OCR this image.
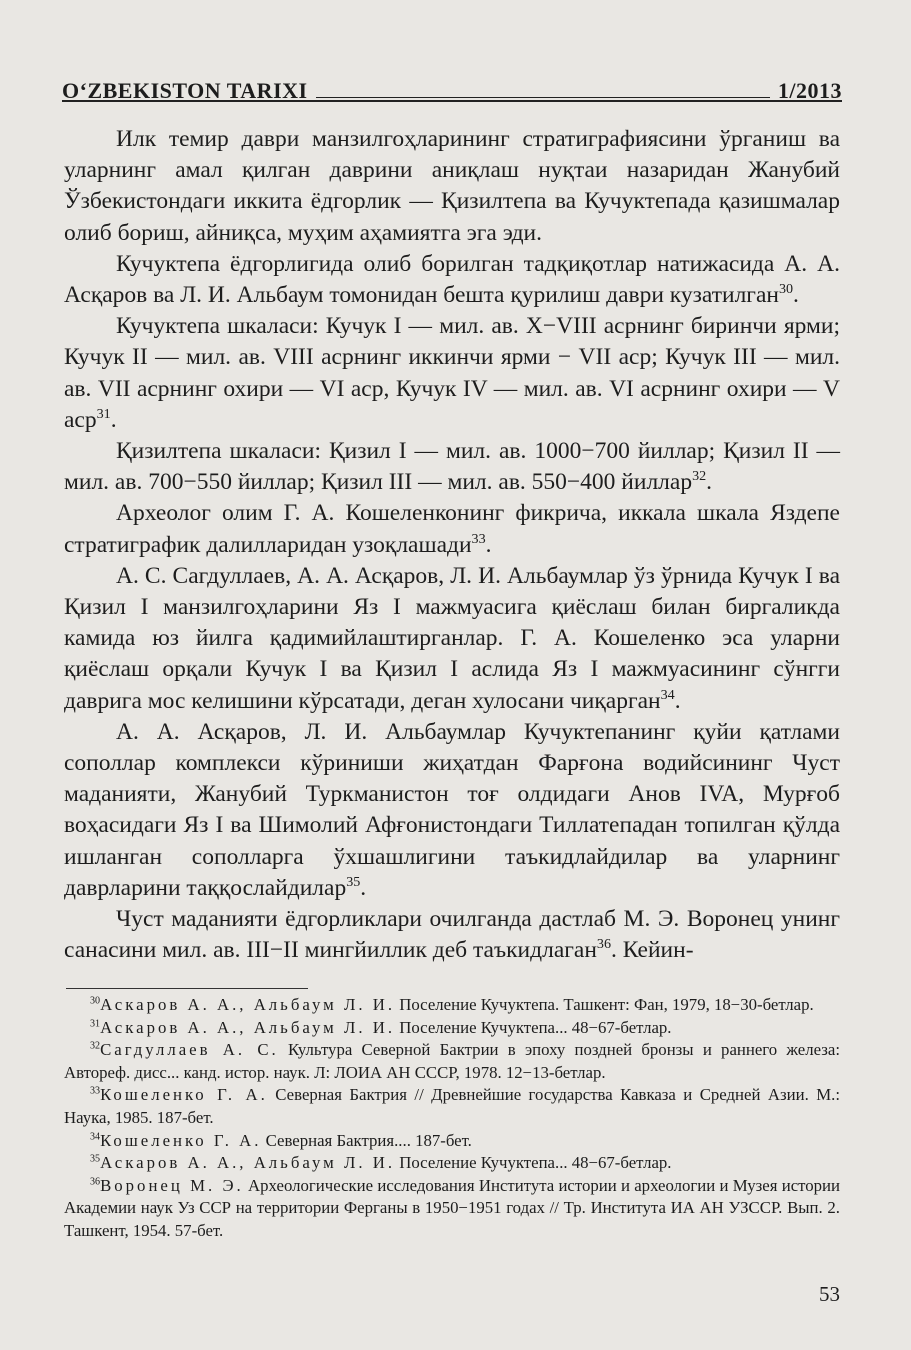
O‘ZBEKISTON TARIXI	1/2013

Илк темир даври манзилгоҳларининг стратиграфиясини ўрганиш ва уларнинг амал қилган даврини аниқлаш нуқтаи назаридан Жанубий Ўзбекистондаги иккита ёдгорлик — Қизилтепа ва Кучуктепада қазишмалар олиб бориш, айниқса, муҳим аҳамиятга эга эди.

Кучуктепа ёдгорлигида олиб борилган тадқиқотлар натижасида А. А. Асқаров ва Л. И. Альбаум томонидан бешта қурилиш даври кузатилган$^{30}$.

Кучуктепа шкаласи: Кучук I — мил. ав. X−VIII асрнинг биринчи ярми; Кучук II — мил. ав. VIII асрнинг иккинчи ярми − VII аср; Кучук III — мил. ав. VII асрнинг охири — VI аср, Кучук IV — мил. ав. VI асрнинг охири — V аср$^{31}$.

Қизилтепа шкаласи: Қизил I — мил. ав. 1000−700 йиллар; Қизил II — мил. ав. 700−550 йиллар; Қизил III — мил. ав. 550−400 йиллар$^{32}$.

Археолог олим Г. А. Кошеленконинг фикрича, иккала шкала Яздепе стратиграфик далилларидан узоқлашади$^{33}$.

А. С. Сагдуллаев, А. А. Асқаров, Л. И. Альбаумлар ўз ўрнида Кучук I ва Қизил I манзилгоҳларини Яз I мажмуасига қиёслаш билан биргаликда камида юз йилга қадимийлаштирганлар. Г. А. Кошеленко эса уларни қиёслаш орқали Кучук I ва Қизил I аслида Яз I мажмуасининг сўнгги даврига мос келишини кўрсатади, деган хулосани чиқарган$^{34}$.

А. А. Асқаров, Л. И. Альбаумлар Кучуктепанинг қуйи қатлами сополлар комплекси кўриниши жиҳатдан Фарғона водийсининг Чуст маданияти, Жанубий Туркманистон тоғ олдидаги Анов IVA, Мурғоб воҳасидаги Яз I ва Шимолий Афғонистондаги Тиллатепадан топилган қўлда ишланган сополларга ўхшашлигини таъкидлайдилар ва уларнинг даврларини таққослайдилар$^{35}$.

Чуст маданияти ёдгорликлари очилганда дастлаб М. Э. Воронец унинг санасини мил. ав. III−II мингйиллик деб таъкидлаган$^{36}$. Кейин-

$^{30}$Аскаров А. А., Альбаум Л. И. Поселение Кучуктепа. Ташкент: Фан, 1979, 18−30-бетлар.

$^{31}$Аскаров А. А., Альбаум Л. И. Поселение Кучуктепа... 48−67-бетлар.

$^{32}$Сагдуллаев А. С. Культура Северной Бактрии в эпоху поздней бронзы и раннего железа: Автореф. дисс... канд. истор. наук. Л: ЛОИА АН СССР, 1978. 12−13-бетлар.

$^{33}$Кошеленко Г. А. Северная Бактрия // Древнейшие государства Кавказа и Средней Азии. М.: Наука, 1985. 187-бет.

$^{34}$Кошеленко Г. А. Северная Бактрия.... 187-бет.

$^{35}$Аскаров А. А., Альбаум Л. И. Поселение Кучуктепа... 48−67-бетлар.

$^{36}$Воронец М. Э. Археологические исследования Института истории и археологии и Музея истории Академии наук Уз ССР на территории Ферганы в 1950−1951 годах // Тр. Института ИА АН УЗССР. Вып. 2. Ташкент, 1954. 57-бет.

53
